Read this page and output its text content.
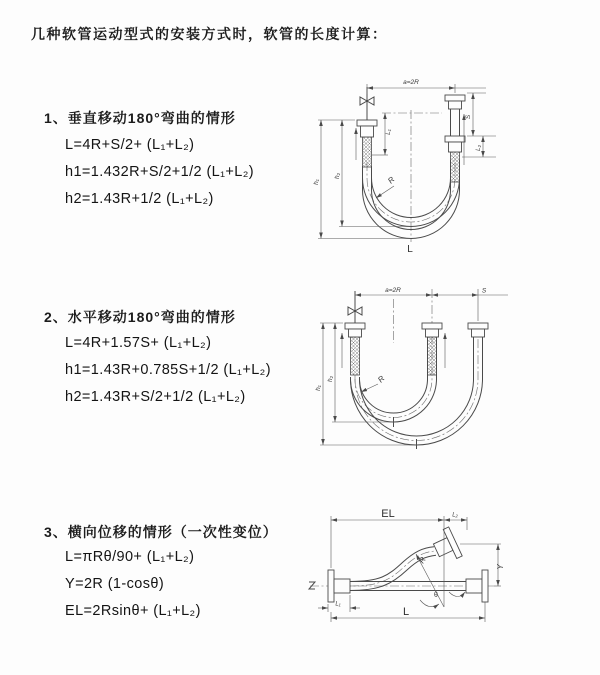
几种软管运动型式的安装方式时，软管的长度计算：
1、垂直移动180°弯曲的情形
L=4R+S/2+ (L₁+L₂)
h1=1.432R+S/2+1/2 (L₁+L₂)
h2=1.43R+1/2 (L₁+L₂)
2、水平移动180°弯曲的情形
L=4R+1.57S+ (L₁+L₂)
h1=1.43R+0.785S+1/2 (L₁+L₂)
h2=1.43R+S/2+1/2 (L₁+L₂)
3、横向位移的情形（一次性变位）
L=πRθ/90+ (L₁+L₂)
Y=2R (1-cosθ)
EL=2Rsinθ+ (L₁+L₂)
a=2R
S
L₂
L₁
h₁
h₂	R
L
a=2R	S
h₁
h₂	R
EL	L₂
Y
R
θ
L
L₁
